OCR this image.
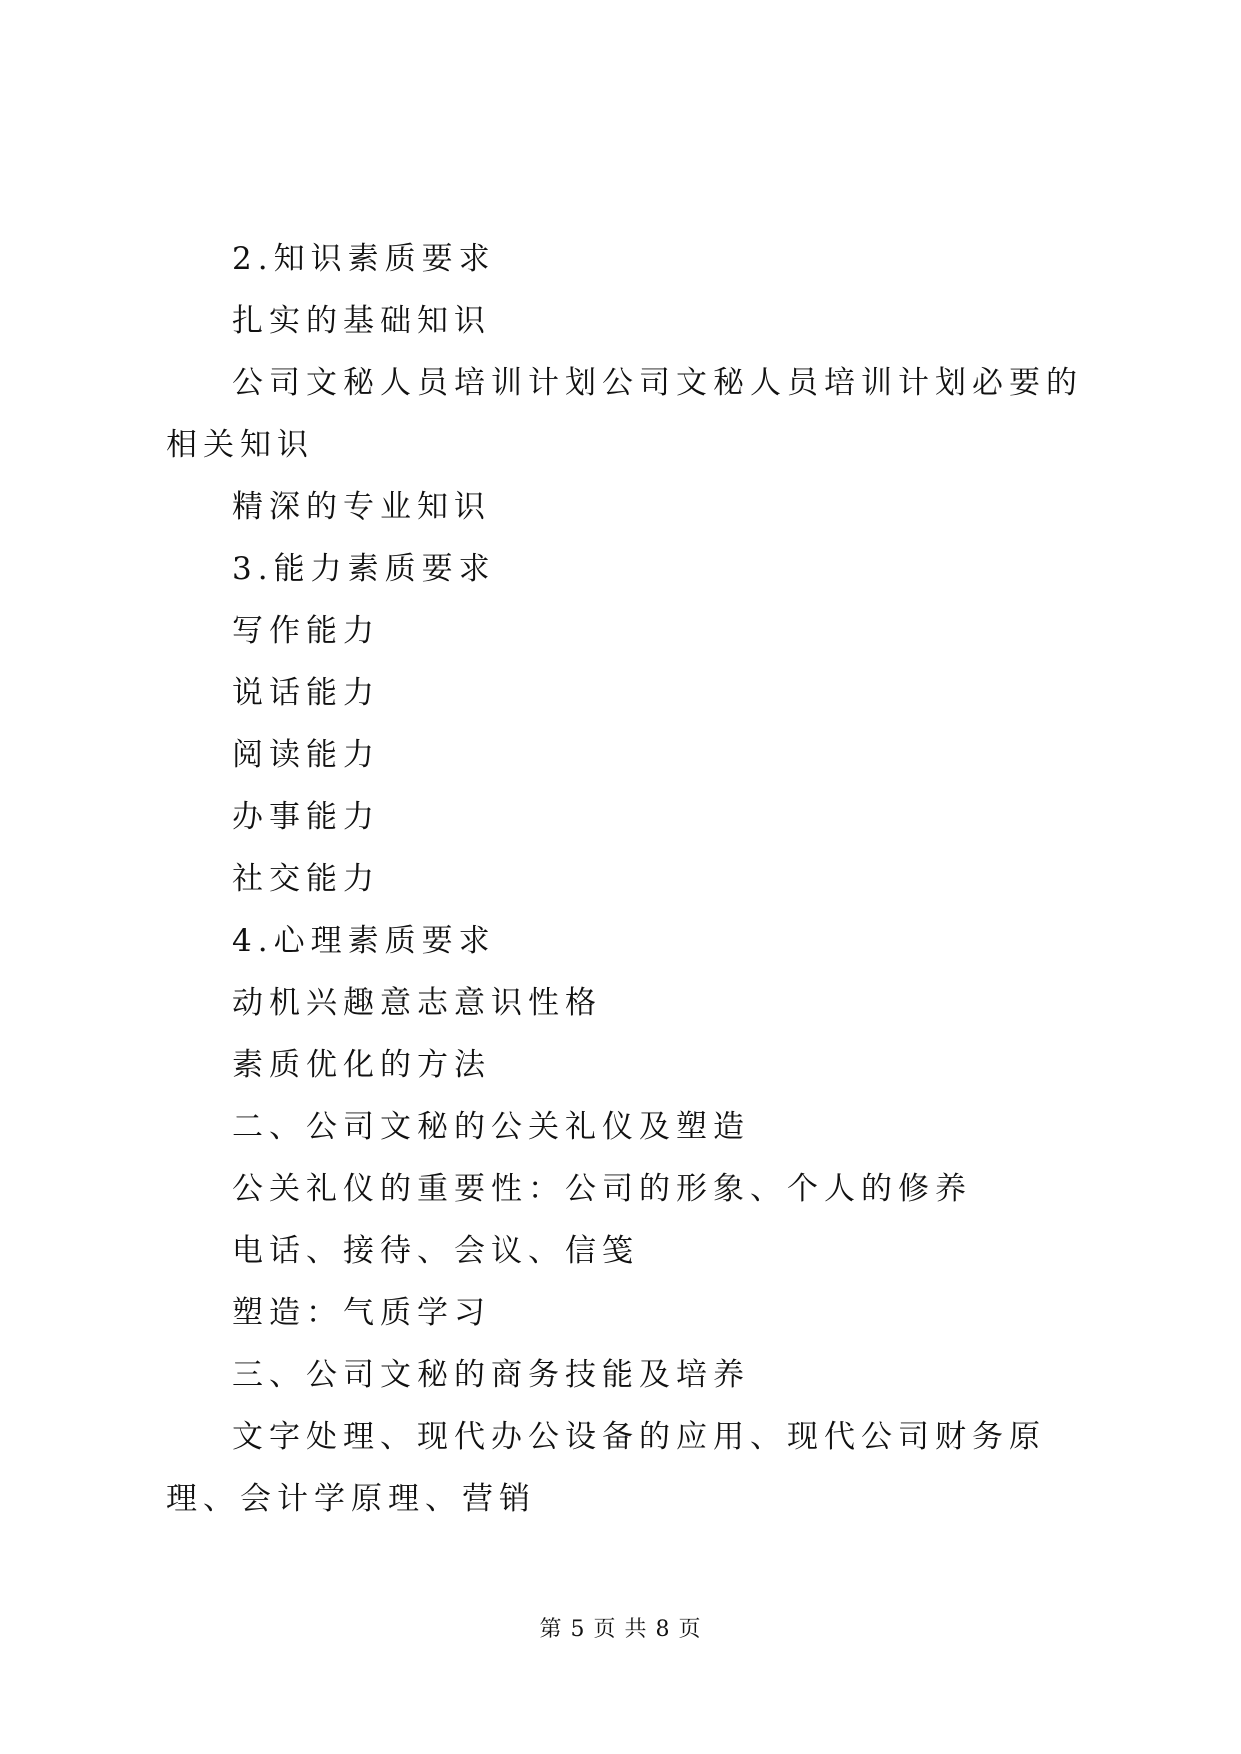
2.知识素质要求

扎实的基础知识

公司文秘人员培训计划公司文秘人员培训计划必要的相关知识

精深的专业知识

3.能力素质要求

写作能力

说话能力

阅读能力

办事能力

社交能力

4.心理素质要求

动机兴趣意志意识性格

素质优化的方法

二、公司文秘的公关礼仪及塑造

公关礼仪的重要性：公司的形象、个人的修养

电话、接待、会议、信笺

塑造：气质学习

三、公司文秘的商务技能及培养

文字处理、现代办公设备的应用、现代公司财务原理、会计学原理、营销

第 5 页 共 8 页
